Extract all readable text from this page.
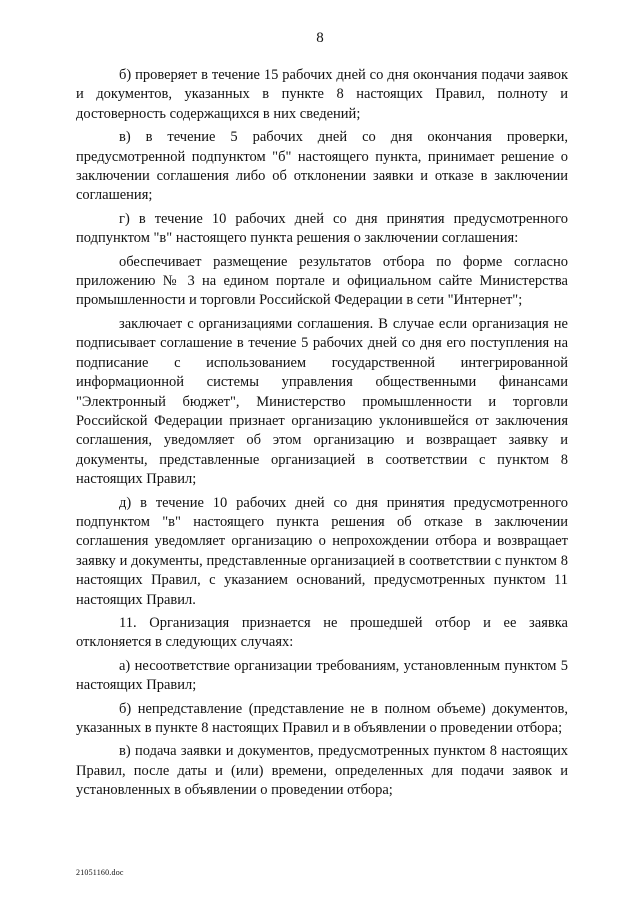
8

б) проверяет в течение 15 рабочих дней со дня окончания подачи заявок и документов, указанных в пункте 8 настоящих Правил, полноту и достоверность содержащихся в них сведений;

в) в течение 5 рабочих дней со дня окончания проверки, предусмотренной подпунктом "б" настоящего пункта, принимает решение о заключении соглашения либо об отклонении заявки и отказе в заключении соглашения;

г) в течение 10 рабочих дней со дня принятия предусмотренного подпунктом "в" настоящего пункта решения о заключении соглашения:

обеспечивает размещение результатов отбора по форме согласно приложению № 3 на едином портале и официальном сайте Министерства промышленности и торговли Российской Федерации в сети "Интернет";

заключает с организациями соглашения. В случае если организация не подписывает соглашение в течение 5 рабочих дней со дня его поступления на подписание с использованием государственной интегрированной информационной системы управления общественными финансами "Электронный бюджет", Министерство промышленности и торговли Российской Федерации признает организацию уклонившейся от заключения соглашения, уведомляет об этом организацию и возвращает заявку и документы, представленные организацией в соответствии с пунктом 8 настоящих Правил;

д) в течение 10 рабочих дней со дня принятия предусмотренного подпунктом "в" настоящего пункта решения об отказе в заключении соглашения уведомляет организацию о непрохождении отбора и возвращает заявку и документы, представленные организацией в соответствии с пунктом 8 настоящих Правил, с указанием оснований, предусмотренных пунктом 11 настоящих Правил.

11. Организация признается не прошедшей отбор и ее заявка отклоняется в следующих случаях:

а) несоответствие организации требованиям, установленным пунктом 5 настоящих Правил;

б) непредставление (представление не в полном объеме) документов, указанных в пункте 8 настоящих Правил и в объявлении о проведении отбора;

в) подача заявки и документов, предусмотренных пунктом 8 настоящих Правил, после даты и (или) времени, определенных для подачи заявок и установленных в объявлении о проведении отбора;

21051160.doc
